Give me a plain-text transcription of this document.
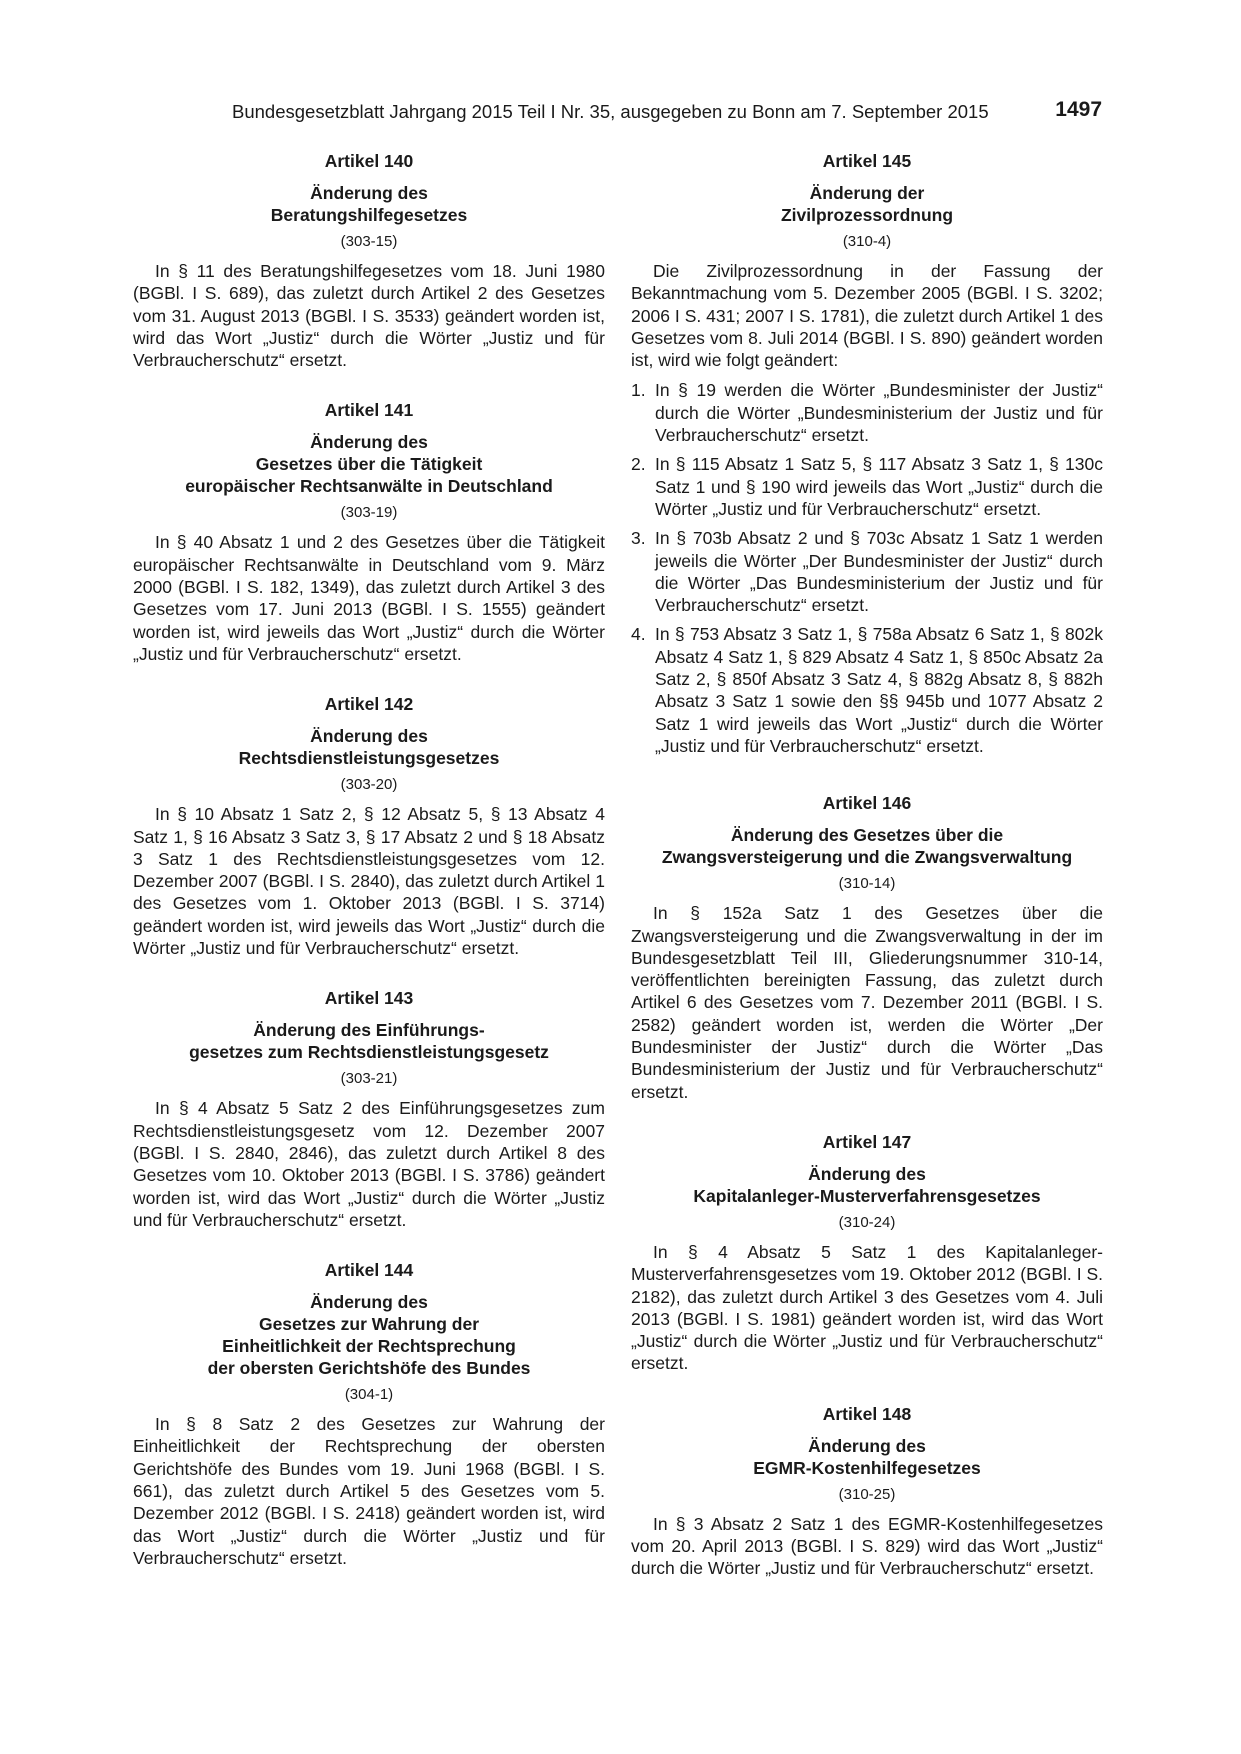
Bundesgesetzblatt Jahrgang 2015 Teil I Nr. 35, ausgegeben zu Bonn am 7. September 2015	1497
Artikel 140
Änderung des
Beratungshilfegesetzes
(303-15)

In § 11 des Beratungshilfegesetzes vom 18. Juni 1980 (BGBl. I S. 689), das zuletzt durch Artikel 2 des Gesetzes vom 31. August 2013 (BGBl. I S. 3533) geändert worden ist, wird das Wort „Justiz“ durch die Wörter „Justiz und für Verbraucherschutz“ ersetzt.

Artikel 141
Änderung des
Gesetzes über die Tätigkeit
europäischer Rechtsanwälte in Deutschland
(303-19)

In § 40 Absatz 1 und 2 des Gesetzes über die Tätigkeit europäischer Rechtsanwälte in Deutschland vom 9. März 2000 (BGBl. I S. 182, 1349), das zuletzt durch Artikel 3 des Gesetzes vom 17. Juni 2013 (BGBl. I S. 1555) geändert worden ist, wird jeweils das Wort „Justiz“ durch die Wörter „Justiz und für Verbraucherschutz“ ersetzt.

Artikel 142
Änderung des
Rechtsdienstleistungsgesetzes
(303-20)

In § 10 Absatz 1 Satz 2, § 12 Absatz 5, § 13 Absatz 4 Satz 1, § 16 Absatz 3 Satz 3, § 17 Absatz 2 und § 18 Absatz 3 Satz 1 des Rechtsdienstleistungsgesetzes vom 12. Dezember 2007 (BGBl. I S. 2840), das zuletzt durch Artikel 1 des Gesetzes vom 1. Oktober 2013 (BGBl. I S. 3714) geändert worden ist, wird jeweils das Wort „Justiz“ durch die Wörter „Justiz und für Verbraucherschutz“ ersetzt.

Artikel 143
Änderung des Einführungs-
gesetzes zum Rechtsdienstleistungsgesetz
(303-21)

In § 4 Absatz 5 Satz 2 des Einführungsgesetzes zum Rechtsdienstleistungsgesetz vom 12. Dezember 2007 (BGBl. I S. 2840, 2846), das zuletzt durch Artikel 8 des Gesetzes vom 10. Oktober 2013 (BGBl. I S. 3786) geändert worden ist, wird das Wort „Justiz“ durch die Wörter „Justiz und für Verbraucherschutz“ ersetzt.

Artikel 144
Änderung des
Gesetzes zur Wahrung der
Einheitlichkeit der Rechtsprechung
der obersten Gerichtshöfe des Bundes
(304-1)

In § 8 Satz 2 des Gesetzes zur Wahrung der Einheitlichkeit der Rechtsprechung der obersten Gerichtshöfe des Bundes vom 19. Juni 1968 (BGBl. I S. 661), das zuletzt durch Artikel 5 des Gesetzes vom 5. Dezember 2012 (BGBl. I S. 2418) geändert worden ist, wird das Wort „Justiz“ durch die Wörter „Justiz und für Verbraucherschutz“ ersetzt.

Artikel 145
Änderung der
Zivilprozessordnung
(310-4)

Die Zivilprozessordnung in der Fassung der Bekanntmachung vom 5. Dezember 2005 (BGBl. I S. 3202; 2006 I S. 431; 2007 I S. 1781), die zuletzt durch Artikel 1 des Gesetzes vom 8. Juli 2014 (BGBl. I S. 890) geändert worden ist, wird wie folgt geändert:

1. In § 19 werden die Wörter „Bundesminister der Justiz“ durch die Wörter „Bundesministerium der Justiz und für Verbraucherschutz“ ersetzt.
2. In § 115 Absatz 1 Satz 5, § 117 Absatz 3 Satz 1, § 130c Satz 1 und § 190 wird jeweils das Wort „Justiz“ durch die Wörter „Justiz und für Verbraucherschutz“ ersetzt.
3. In § 703b Absatz 2 und § 703c Absatz 1 Satz 1 werden jeweils die Wörter „Der Bundesminister der Justiz“ durch die Wörter „Das Bundesministerium der Justiz und für Verbraucherschutz“ ersetzt.
4. In § 753 Absatz 3 Satz 1, § 758a Absatz 6 Satz 1, § 802k Absatz 4 Satz 1, § 829 Absatz 4 Satz 1, § 850c Absatz 2a Satz 2, § 850f Absatz 3 Satz 4, § 882g Absatz 8, § 882h Absatz 3 Satz 1 sowie den §§ 945b und 1077 Absatz 2 Satz 1 wird jeweils das Wort „Justiz“ durch die Wörter „Justiz und für Verbraucherschutz“ ersetzt.
Artikel 146
Änderung des Gesetzes über die
Zwangsversteigerung und die Zwangsverwaltung
(310-14)

In § 152a Satz 1 des Gesetzes über die Zwangsversteigerung und die Zwangsverwaltung in der im Bundesgesetzblatt Teil III, Gliederungsnummer 310-14, veröffentlichten bereinigten Fassung, das zuletzt durch Artikel 6 des Gesetzes vom 7. Dezember 2011 (BGBl. I S. 2582) geändert worden ist, werden die Wörter „Der Bundesminister der Justiz“ durch die Wörter „Das Bundesministerium der Justiz und für Verbraucherschutz“ ersetzt.

Artikel 147
Änderung des
Kapitalanleger-Musterverfahrensgesetzes
(310-24)

In § 4 Absatz 5 Satz 1 des Kapitalanleger-Musterverfahrensgesetzes vom 19. Oktober 2012 (BGBl. I S. 2182), das zuletzt durch Artikel 3 des Gesetzes vom 4. Juli 2013 (BGBl. I S. 1981) geändert worden ist, wird das Wort „Justiz“ durch die Wörter „Justiz und für Verbraucherschutz“ ersetzt.

Artikel 148
Änderung des
EGMR-Kostenhilfegesetzes
(310-25)

In § 3 Absatz 2 Satz 1 des EGMR-Kostenhilfegesetzes vom 20. April 2013 (BGBl. I S. 829) wird das Wort „Justiz“ durch die Wörter „Justiz und für Verbraucherschutz“ ersetzt.
